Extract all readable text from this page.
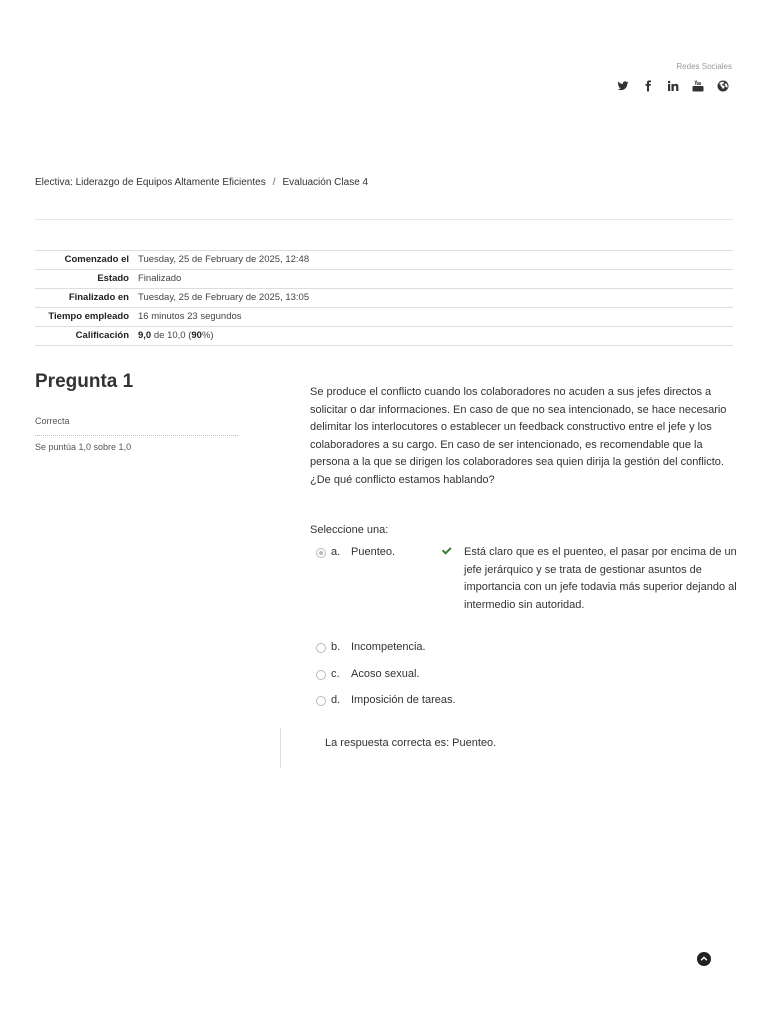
Redes Sociales
Electiva: Liderazgo de Equipos Altamente Eficientes / Evaluación Clase 4
Comenzado el	Tuesday, 25 de February de 2025, 12:48
Estado	Finalizado
Finalizado en	Tuesday, 25 de February de 2025, 13:05
Tiempo empleado	16 minutos 23 segundos
Calificación	9,0 de 10,0 (90%)
Pregunta 1
Correcta
Se puntúa 1,0 sobre 1,0
Se produce el conflicto cuando los colaboradores no acuden a sus jefes directos a solicitar o dar informaciones. En caso de que no sea intencionado, se hace necesario delimitar los interlocutores o establecer un feedback constructivo entre el jefe y los colaboradores a su cargo. En caso de ser intencionado, es recomendable que la persona a la que se dirigen los colaboradores sea quien dirija la gestión del conflicto. ¿De qué conflicto estamos hablando?
Seleccione una:
a. Puenteo.	Está claro que es el puenteo, el pasar por encima de un jefe jerárquico y se trata de gestionar asuntos de importancia con un jefe todavia más superior dejando al intermedio sin autoridad.
b. Incompetencia.
c.	Acoso sexual.
d. Imposición de tareas.
La respuesta correcta es: Puenteo.
